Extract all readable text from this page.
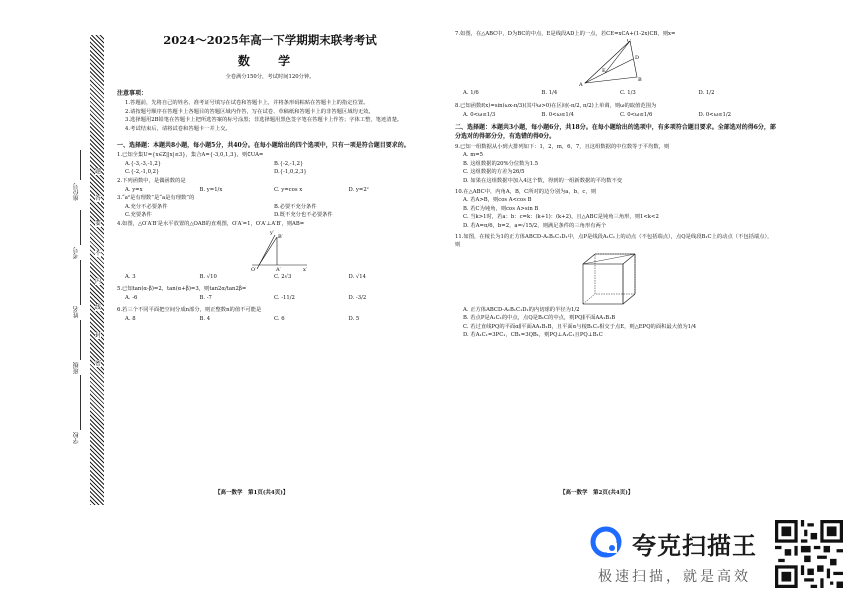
题
答
要
不
内
线
封
密
座位号
考号
姓名
班级
学校
2024～2025年高一下学期期末联考考试
数 学
全卷满分150分，考试时间120分钟。
注意事项：
1.答题前，先将自己的姓名、准考证号填写在试卷和答题卡上，并将条形码粘贴在答题卡上的指定位置。
2.请按题号顺序在答题卡上各题目的答题区域内作答，写在试卷、草稿纸和答题卡上的非答题区域均无效。
3.选择题用2B铅笔在答题卡上把所选答案的标号涂黑；非选择题用黑色签字笔在答题卡上作答；字体工整，笔迹清楚。
4.考试结束后，请将试卷和答题卡一并上交。
一、选择题：本题共8小题，每小题5分，共40分。在每小题给出的四个选项中，只有一项是符合题目要求的。
1.已知全集U={x∈Z||x|≤3}，集合A={-3,0,1,3}，则∁UA=
A.{-3,-3,-1,2}	B.{-2,-1,2}
C.{-2,-1,0,2}	D.{-1,0,2,3}
2.下列函数中，是偶函数的是
A. y=x	B. y=1/x	C. y=cos x	D. y=2ˣ
3.“a²是有理数”是“a是有理数”的
A.充分不必要条件	B.必要不充分条件
C.充要条件	D.既不充分也不必要条件
4.如图，△O′A′B′是水平放置的△OAB的直观图，O′A′=1，O′A′⊥A′B′，则AB=
B′
y′
O′	A′	x′
A. 3	B. √10	C. 2√3	D. √14
5.已知tan(α-β)=2，tan(α+β)=3，则tan2α/tan2β=
A. -6	B. -7	C. -11/2	D. -3/2
6.若三个不同平面把空间分成n部分，则正整数n的值不可能是
A. 8	B. 4	C. 6	D. 5
7.如图，在△ABC中，D为BC的中点，E是线段AD上的一点，若CE=xCA+(1-2x)CB，则x=
C
D
E
A
B
A. 1/6	B. 1/4	C. 1/3	D. 1/2
8.已知函数f(x)=sin(ωx-π/3)(其中ω>0)在区间(-π/2, π/2)上单调，则ω的取值范围为
A. 0<ω≤1/3	B. 0<ω≤1/4	C. 0<ω≤1/6	D. 0<ω≤1/2
二、选择题：本题共3小题，每小题6分，共18分。在每小题给出的选项中，有多项符合题目要求。全部选对的得6分，部分选对的得部分分，有选错的得0分。
9.已知一组数据从小到大排列如下：1，2，m，6，7，且这组数据的中位数等于平均数，则
A. m=5
B. 这组数据的20%分位数为1.5
C. 这组数据的方差为26/5
D. 如果在这组数据中加入4这个数，得到的一组新数据的平均数不变
10.在△ABC中，内角A，B，C所对的边分别为a，b，c，则
A. 若A>B，则cos A<cos B
B. 若C为钝角，则cos A>sin B
C. 当k>1时，若a：b：c=k：(k+1)：(k+2)，且△ABC是钝角三角形，则1<k<2
D. 若A=π/6，b=2，a=√15/2，则满足条件的三角形有两个
11.如图，在棱长为1的正方体ABCD-A₁B₁C₁D₁中，点P是线段A₁C₁上的动点（不包括端点），点Q是线段B₁C上的动点（不包括端点），则
A. 正方体ABCD-A₁B₁C₁D₁的内切球的半径为1/2
B. 若点P是A₁C₁的中点，点Q是B₁C的中点，则PQ∥平面AA₁B₁B
C. 若过直线PQ的平面α∥平面AA₁B₁B，且平面α与棱B₁C₁相交于点E，则△EPQ的面积最大值为1/4
D. 若A₁C₁=3PC₁，CB₁=3QB₁，则PQ⊥A₁C₁且PQ⊥B₁C
【高一数学　第1页(共4页)】	【高一数学　第2页(共4页)】
夸克扫描王
极速扫描，就是高效
